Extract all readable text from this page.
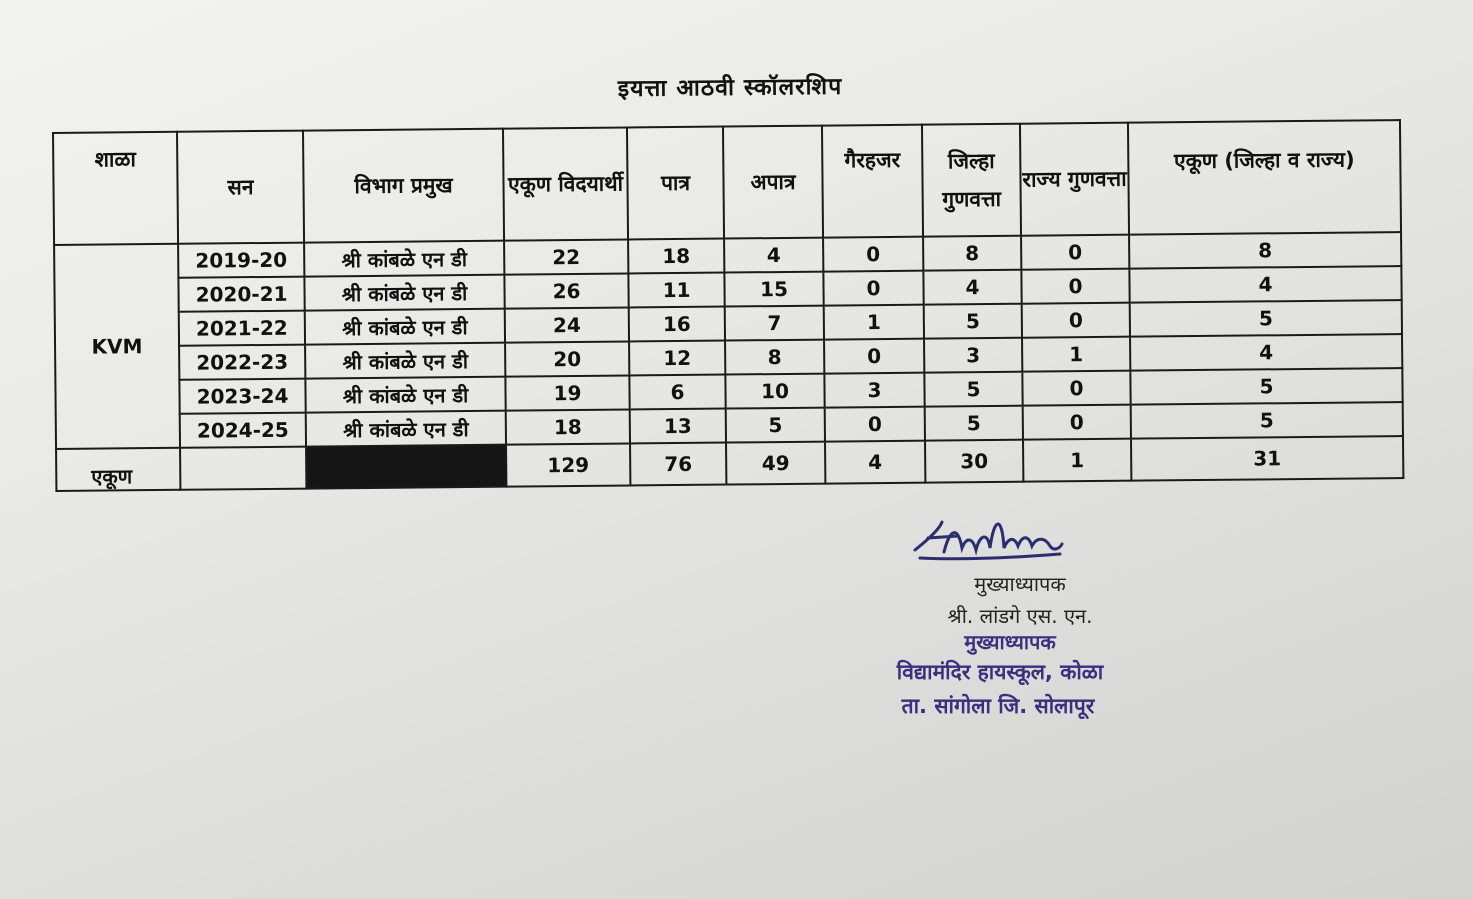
इयत्ता आठवी स्कॉलरशिप
शाळा	सन	विभाग प्रमुख	एकूण विदयार्थी	पात्र	अपात्र	गैरहजर	जिल्हा गुणवत्ता	राज्य गुणवत्ता	एकूण (जिल्हा व राज्य)
KVM	2019-20	श्री कांबळे एन डी	22	18	4	0	8	0	8
	2020-21	श्री कांबळे एन डी	26	11	15	0	4	0	4
	2021-22	श्री कांबळे एन डी	24	16	7	1	5	0	5
	2022-23	श्री कांबळे एन डी	20	12	8	0	3	1	4
	2023-24	श्री कांबळे एन डी	19	6	10	3	5	0	5
	2024-25	श्री कांबळे एन डी	18	13	5	0	5	0	5
एकूण			129	76	49	4	30	1	31
मुख्याध्यापक
श्री. लांडगे एस. एन.
मुख्याध्यापक
विद्यामंदिर हायस्कूल, कोळा
ता. सांगोला जि. सोलापूर
